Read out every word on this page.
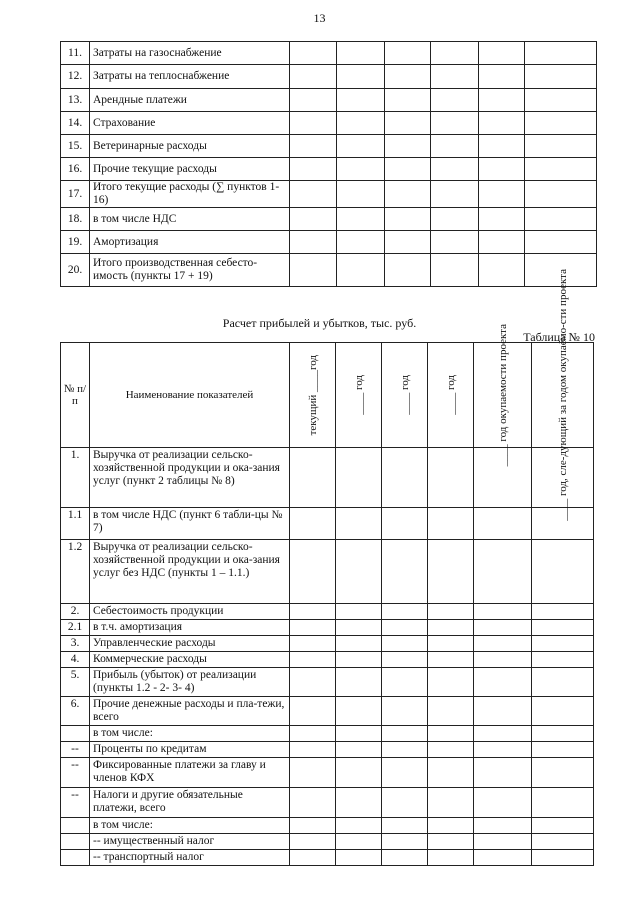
13
11.	Затраты на газоснабжение						
12.	Затраты на теплоснабжение						
13.	Арендные платежи						
14.	Страхование						
15.	Ветеринарные расходы						
16.	Прочие текущие расходы						
17.	Итого текущие расходы (∑ пунктов 1- 16)						
18.	в том числе НДС						
19.	Амортизация						
20.	Итого производственная себесто-имость (пункты 17 + 19)						
Расчет прибылей и убытков, тыс. руб.
Таблица № 10
№ п/п	Наименование показателей	текущий ____год	____ год	____ год	____ год	____ год окупаемости проекта	____ год, сле-дующий за годом окупаемо-сти проекта

1.	Выручка от реализации сельско-хозяйственной продукции и ока-зания услуг (пункт 2 таблицы № 8)						
1.1	в том числе НДС (пункт 6 табли-цы № 7)						
1.2	Выручка от реализации сельско-хозяйственной продукции и ока-зания услуг без НДС (пункты 1 – 1.1.)						
2.	Себестоимость продукции						
2.1	в т.ч. амортизация						
3.	Управленческие расходы						
4.	Коммерческие расходы						
5.	Прибыль (убыток) от реализации (пункты 1.2 - 2- 3- 4)						
6.	Прочие денежные расходы и пла-тежи, всего						
	в том числе:						
--	Проценты по кредитам						
--	Фиксированные платежи за главу и членов КФХ						
--	Налоги и другие обязательные платежи, всего						
	в том числе:						
	-- имущественный налог						
	-- транспортный налог						
